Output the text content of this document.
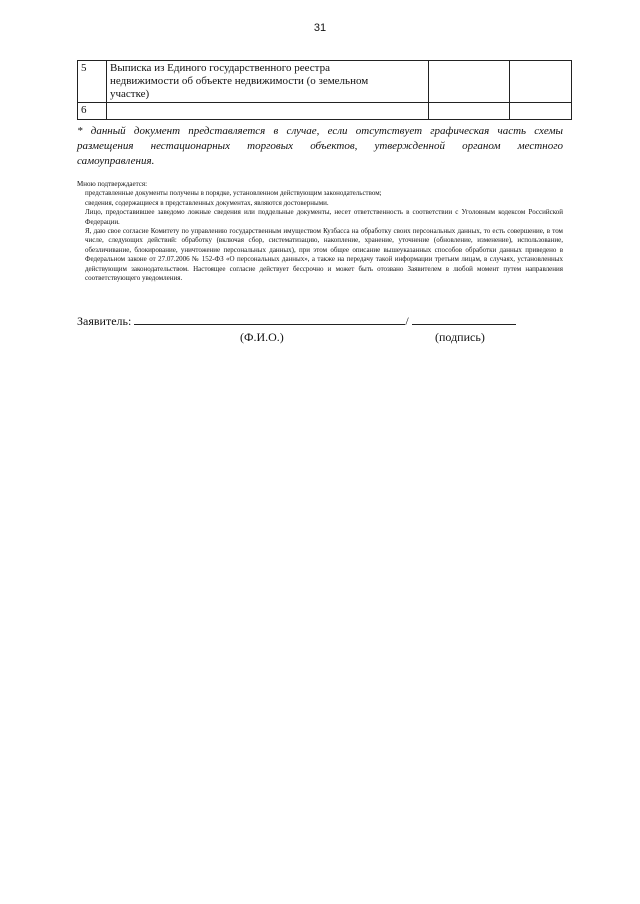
31
5	Выписка из Единого государственного реестра
недвижимости об объекте недвижимости (о земельном
участке)		

6			
* данный документ представляется в случае, если отсутствует графическая часть схемы
размещения нестационарных торговых объектов, утвержденной органом местного
самоуправления.

Мною подтверждается:

представленные документы получены в порядке, установленном действующим законодательством;

сведения, содержащиеся в представленных документах, являются достоверными.

Лицо, предоставившее заведомо ложные сведения или поддельные документы, несет ответственность в соответствии с Уголовным кодексом Российской Федерации.

Я, даю свое согласие Комитету по управлению государственным имуществом Кузбасса на обработку своих персональных данных, то есть совершение, в том числе, следующих действий: обработку (включая сбор, систематизацию, накопление, хранение, уточнение (обновление, изменение), использование, обезличивание, блокирование, уничтожение персональных данных), при этом общее описание вышеуказанных способов обработки данных приведено в Федеральном законе от 27.07.2006 № 152-ФЗ «О персональных данных», а также на передачу такой информации третьим лицам, в случаях, установленных действующим законодательством. Настоящее согласие действует бессрочно и может быть отозвано Заявителем в любой момент путем направления соответствующего уведомления.

Заявитель:	/
(Ф.И.О.)	(подпись)
